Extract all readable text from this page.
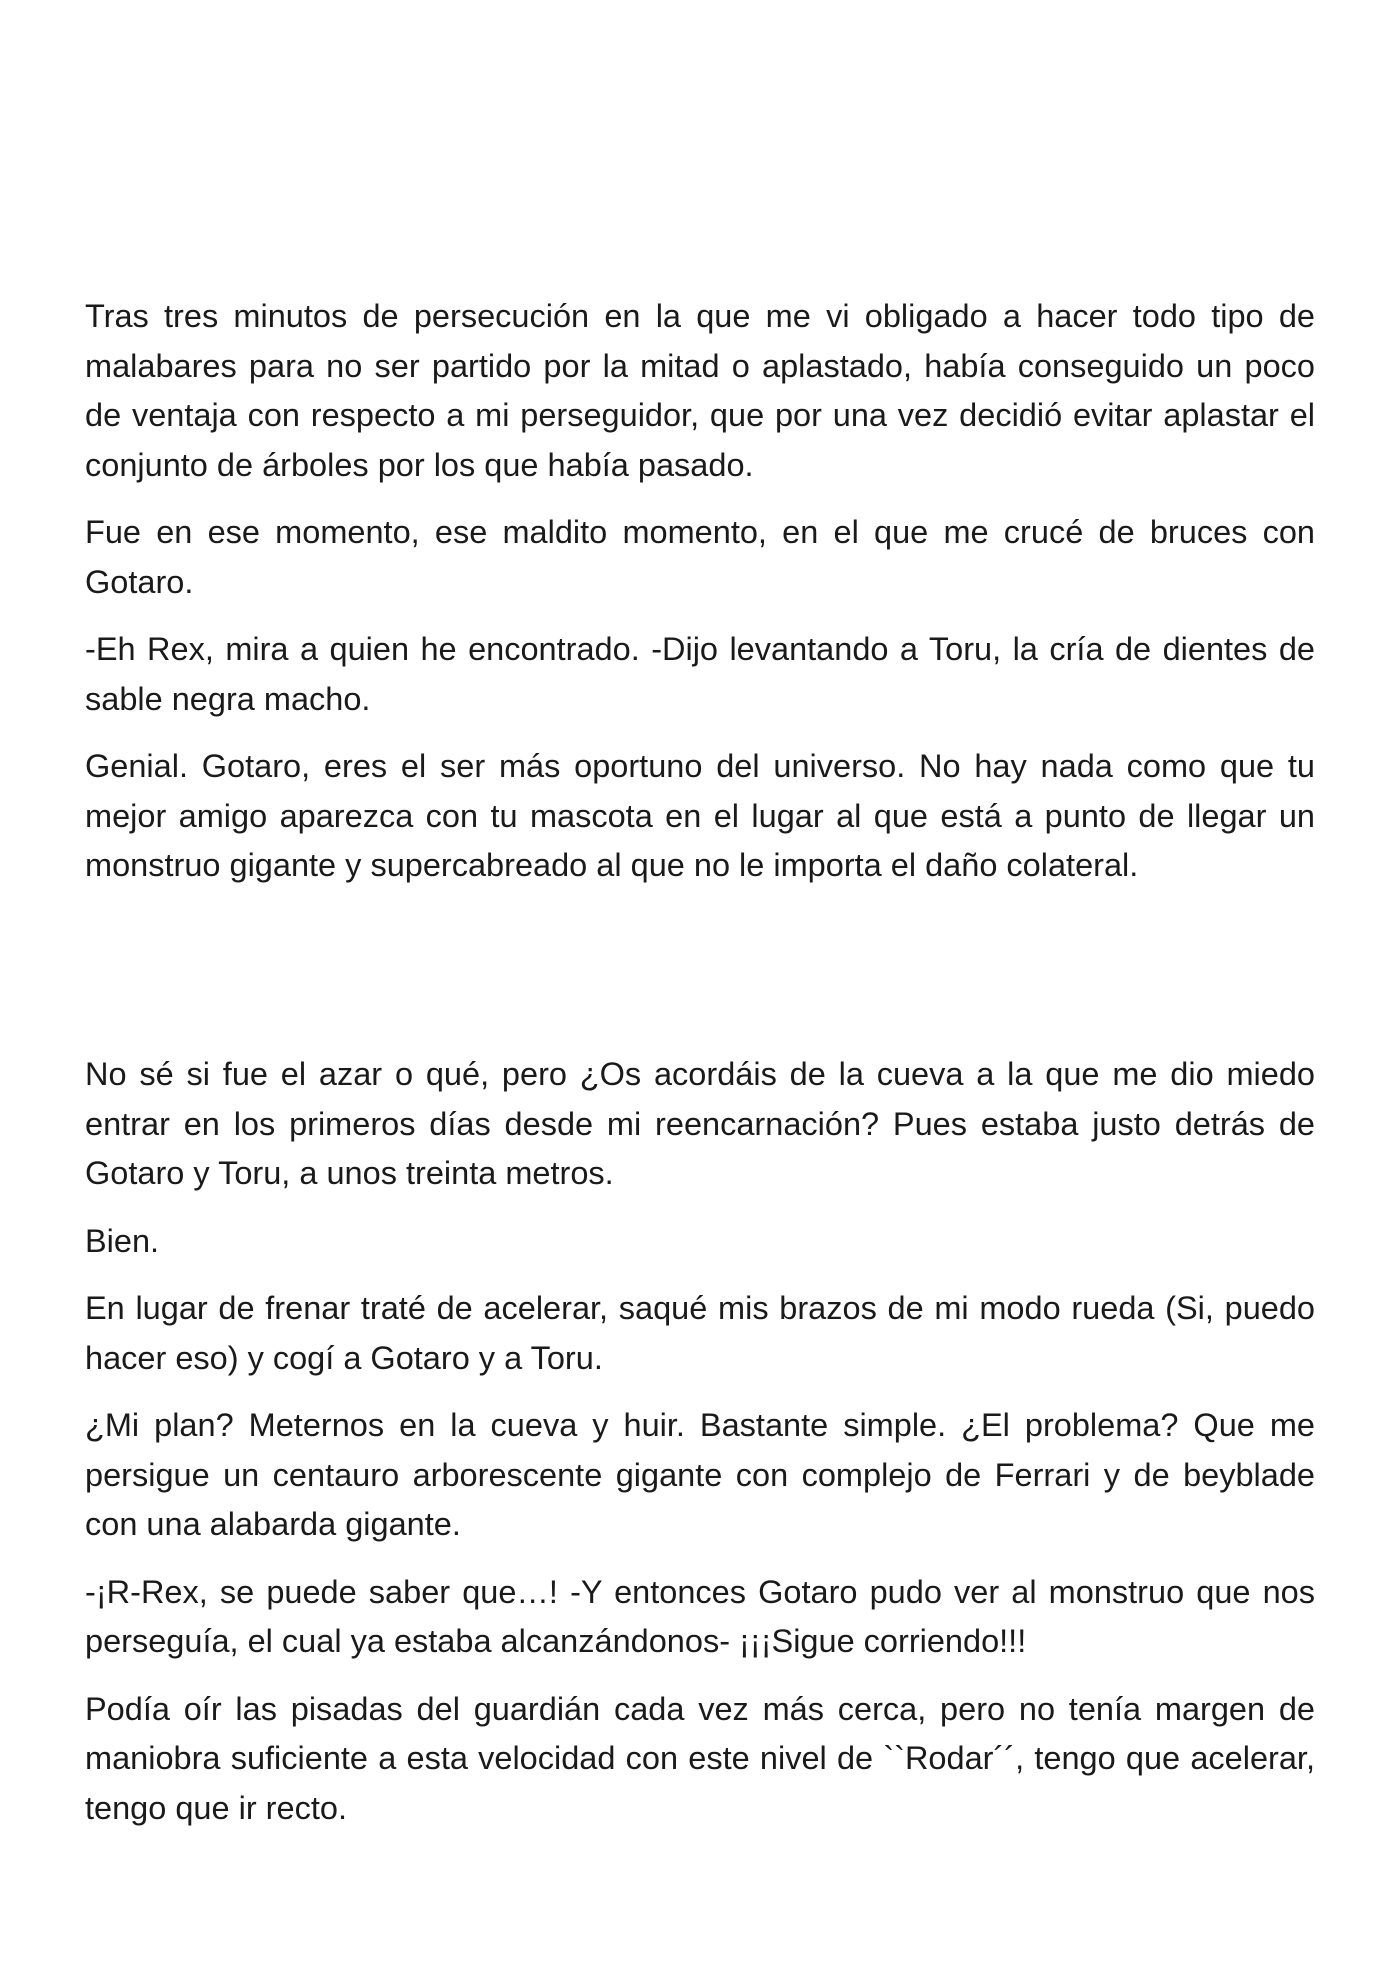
Tras tres minutos de persecución en la que me vi obligado a hacer todo tipo de malabares para no ser partido por la mitad o aplastado, había conseguido un poco de ventaja con respecto a mi perseguidor, que por una vez decidió evitar aplastar el conjunto de árboles por los que había pasado.

Fue en ese momento, ese maldito momento, en el que me crucé de bruces con Gotaro.

-Eh Rex, mira a quien he encontrado. -Dijo levantando a Toru, la cría de dientes de sable negra macho.

Genial. Gotaro, eres el ser más oportuno del universo. No hay nada como que tu mejor amigo aparezca con tu mascota en el lugar al que está a punto de llegar un monstruo gigante y supercabreado al que no le importa el daño colateral.

No sé si fue el azar o qué, pero ¿Os acordáis de la cueva a la que me dio miedo entrar en los primeros días desde mi reencarnación? Pues estaba justo detrás de Gotaro y Toru, a unos treinta metros.

Bien.

En lugar de frenar traté de acelerar, saqué mis brazos de mi modo rueda (Si, puedo hacer eso) y cogí a Gotaro y a Toru.

¿Mi plan? Meternos en la cueva y huir. Bastante simple. ¿El problema? Que me persigue un centauro arborescente gigante con complejo de Ferrari y de beyblade con una alabarda gigante.

-¡R-Rex, se puede saber que…! -Y entonces Gotaro pudo ver al monstruo que nos perseguía, el cual ya estaba alcanzándonos- ¡¡¡Sigue corriendo!!!

Podía oír las pisadas del guardián cada vez más cerca, pero no tenía margen de maniobra suficiente a esta velocidad con este nivel de ``Rodar´´, tengo que acelerar, tengo que ir recto.
